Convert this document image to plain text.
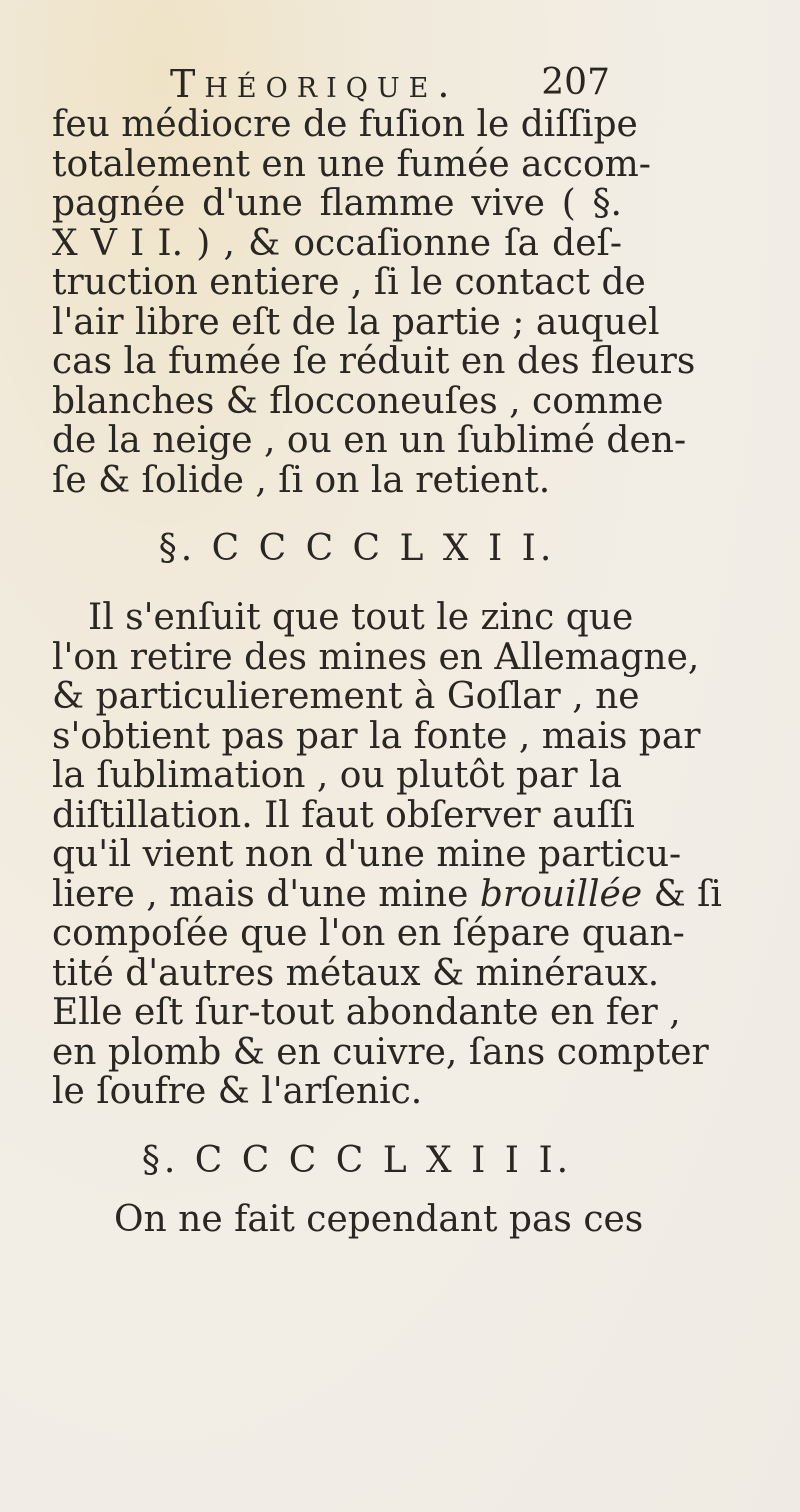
Théorique. 207
feu médiocre de fuſion le diſſipe
totalement en une fumée accom-
pagnée d'une flamme vive ( §.
X V I I. ) , & occaſionne ſa deſ-
truction entiere , ſi le contact de
l'air libre eſt de la partie ; auquel
cas la fumée ſe réduit en des fleurs
blanches & flocconeuſes , comme
de la neige , ou en un ſublimé den-
ſe & ſolide , ſi on la retient.
§. C C C C L X I I.
Il s'enſuit que tout le zinc que
l'on retire des mines en Allemagne,
& particulierement à Goſlar , ne
s'obtient pas par la fonte , mais par
la ſublimation , ou plutôt par la
diſtillation. Il faut obſerver auſſi
qu'il vient non d'une mine particu-
liere , mais d'une mine brouillée & ſi
compoſée que l'on en ſépare quan-
tité d'autres métaux & minéraux.
Elle eſt ſur-tout abondante en fer ,
en plomb & en cuivre, ſans compter
le ſoufre & l'arſenic.
§. C C C C L X I I I.
On ne fait cependant pas ces
